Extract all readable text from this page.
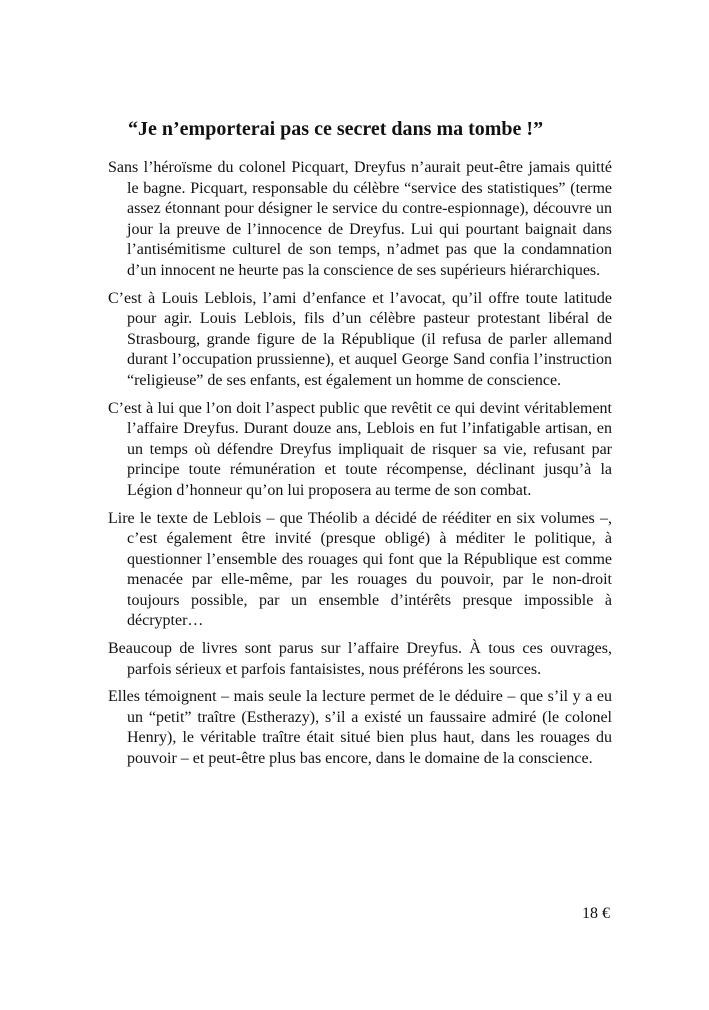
“Je n’emporterai pas ce secret dans ma tombe !”

Sans l’héroïsme du colonel Picquart, Dreyfus n’aurait peut-être jamais quitté le bagne. Picquart, responsable du célèbre “service des statistiques” (terme assez étonnant pour désigner le service du contre-espionnage), découvre un jour la preuve de l’innocence de Dreyfus. Lui qui pourtant baignait dans l’antisémitisme culturel de son temps, n’admet pas que la condamnation d’un innocent ne heurte pas la conscience de ses supérieurs hiérarchiques.

C’est à Louis Leblois, l’ami d’enfance et l’avocat, qu’il offre toute latitude pour agir. Louis Leblois, fils d’un célèbre pasteur protestant libéral de Strasbourg, grande figure de la République (il refusa de parler allemand durant l’occupation prussienne), et auquel George Sand confia l’instruction “religieuse” de ses enfants, est également un homme de conscience.

C’est à lui que l’on doit l’aspect public que revêtit ce qui devint véritablement l’affaire Dreyfus. Durant douze ans, Leblois en fut l’infatigable artisan, en un temps où défendre Dreyfus impliquait de risquer sa vie, refusant par principe toute rémunération et toute récompense, déclinant jusqu’à la Légion d’honneur qu’on lui proposera au terme de son combat.

Lire le texte de Leblois – que Théolib a décidé de rééditer en six volumes –, c’est également être invité (presque obligé) à méditer le politique, à questionner l’ensemble des rouages qui font que la République est comme menacée par elle-même, par les rouages du pouvoir, par le non-droit toujours possible, par un ensemble d’intérêts presque impossible à décrypter…

Beaucoup de livres sont parus sur l’affaire Dreyfus. À tous ces ouvrages, parfois sérieux et parfois fantaisistes, nous préférons les sources.

Elles témoignent – mais seule la lecture permet de le déduire – que s’il y a eu un “petit” traître (Estherazy), s’il a existé un faussaire admiré (le colonel Henry), le véritable traître était situé bien plus haut, dans les rouages du pouvoir – et peut-être plus bas encore, dans le domaine de la conscience.

18 €
